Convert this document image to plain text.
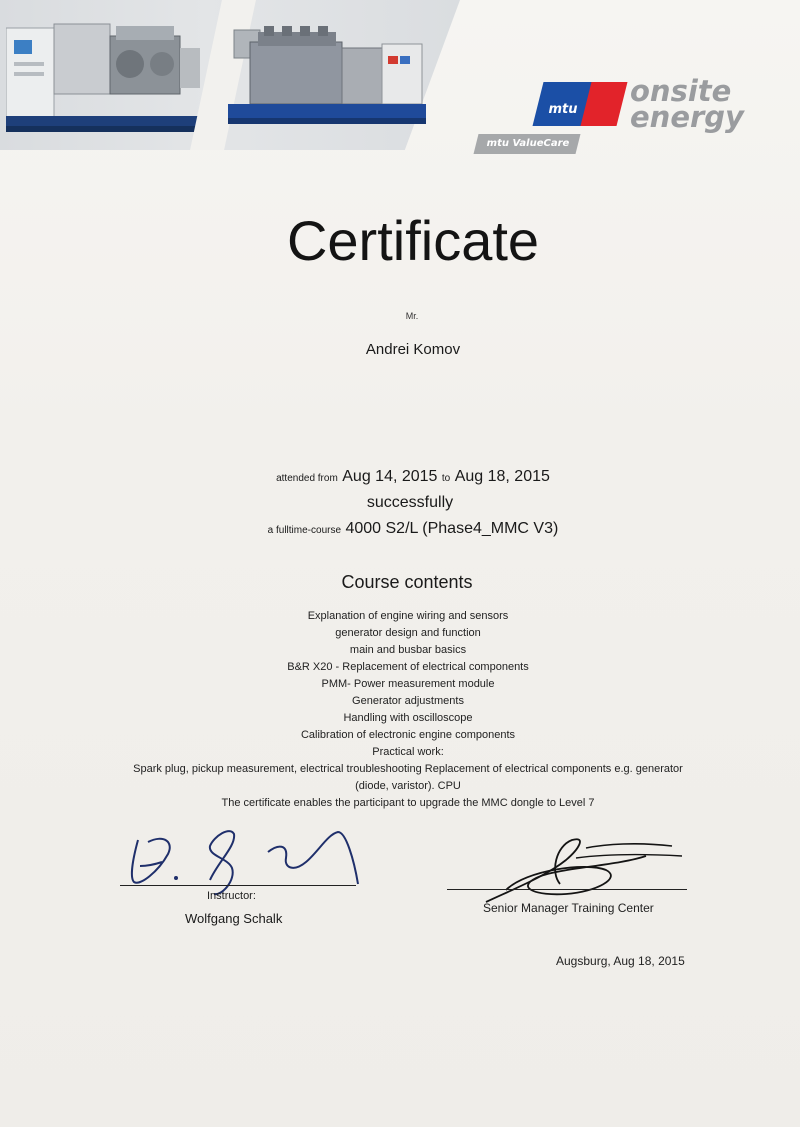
mtu
onsite
energy
mtu ValueCare
Certificate
Mr.
Andrei Komov
attended from Aug 14, 2015 to Aug 18, 2015
successfully
a fulltime-course 4000 S2/L (Phase4_MMC V3)
Course contents
Explanation of engine wiring and sensors
generator design and function
main and busbar basics
B&R X20 - Replacement of electrical components
PMM- Power measurement module
Generator adjustments
Handling with oscilloscope
Calibration of electronic engine components
Practical work:
Spark plug, pickup measurement, electrical troubleshooting Replacement of electrical components e.g. generator (diode, varistor). CPU
The certificate enables the participant to upgrade the MMC dongle to Level 7
Instructor:
Wolfgang Schalk
Senior Manager Training Center
Augsburg, Aug 18, 2015
